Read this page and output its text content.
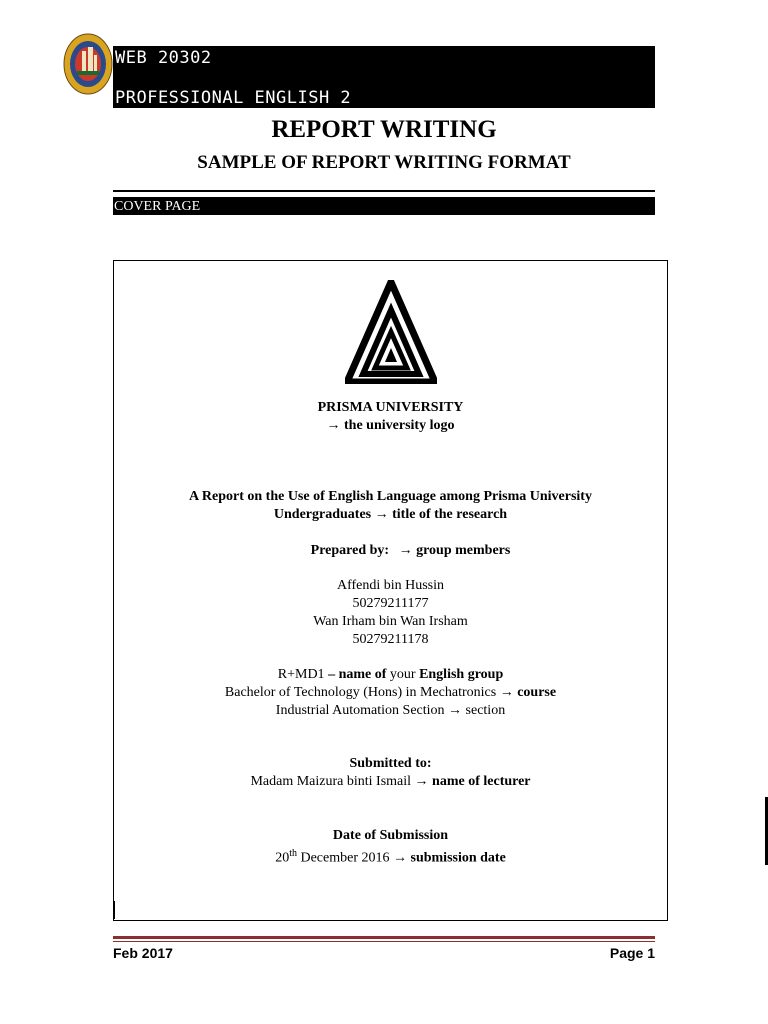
WEB 20302
PROFESSIONAL ENGLISH 2
REPORT WRITING
SAMPLE OF REPORT WRITING FORMAT
COVER PAGE
PRISMA UNIVERSITY
→ the university logo
A Report on the Use of English Language among Prisma University
Undergraduates → title of the research
Prepared by: → group members
Affendi bin Hussin
50279211177
Wan Irham bin Wan Irsham
50279211178
R+MD1 – name of your English group
Bachelor of Technology (Hons) in Mechatronics → course
Industrial Automation Section → section
Submitted to:
Madam Maizura binti Ismail → name of lecturer
Date of Submission
20th December 2016 → submission date
Feb 2017	Page 1
